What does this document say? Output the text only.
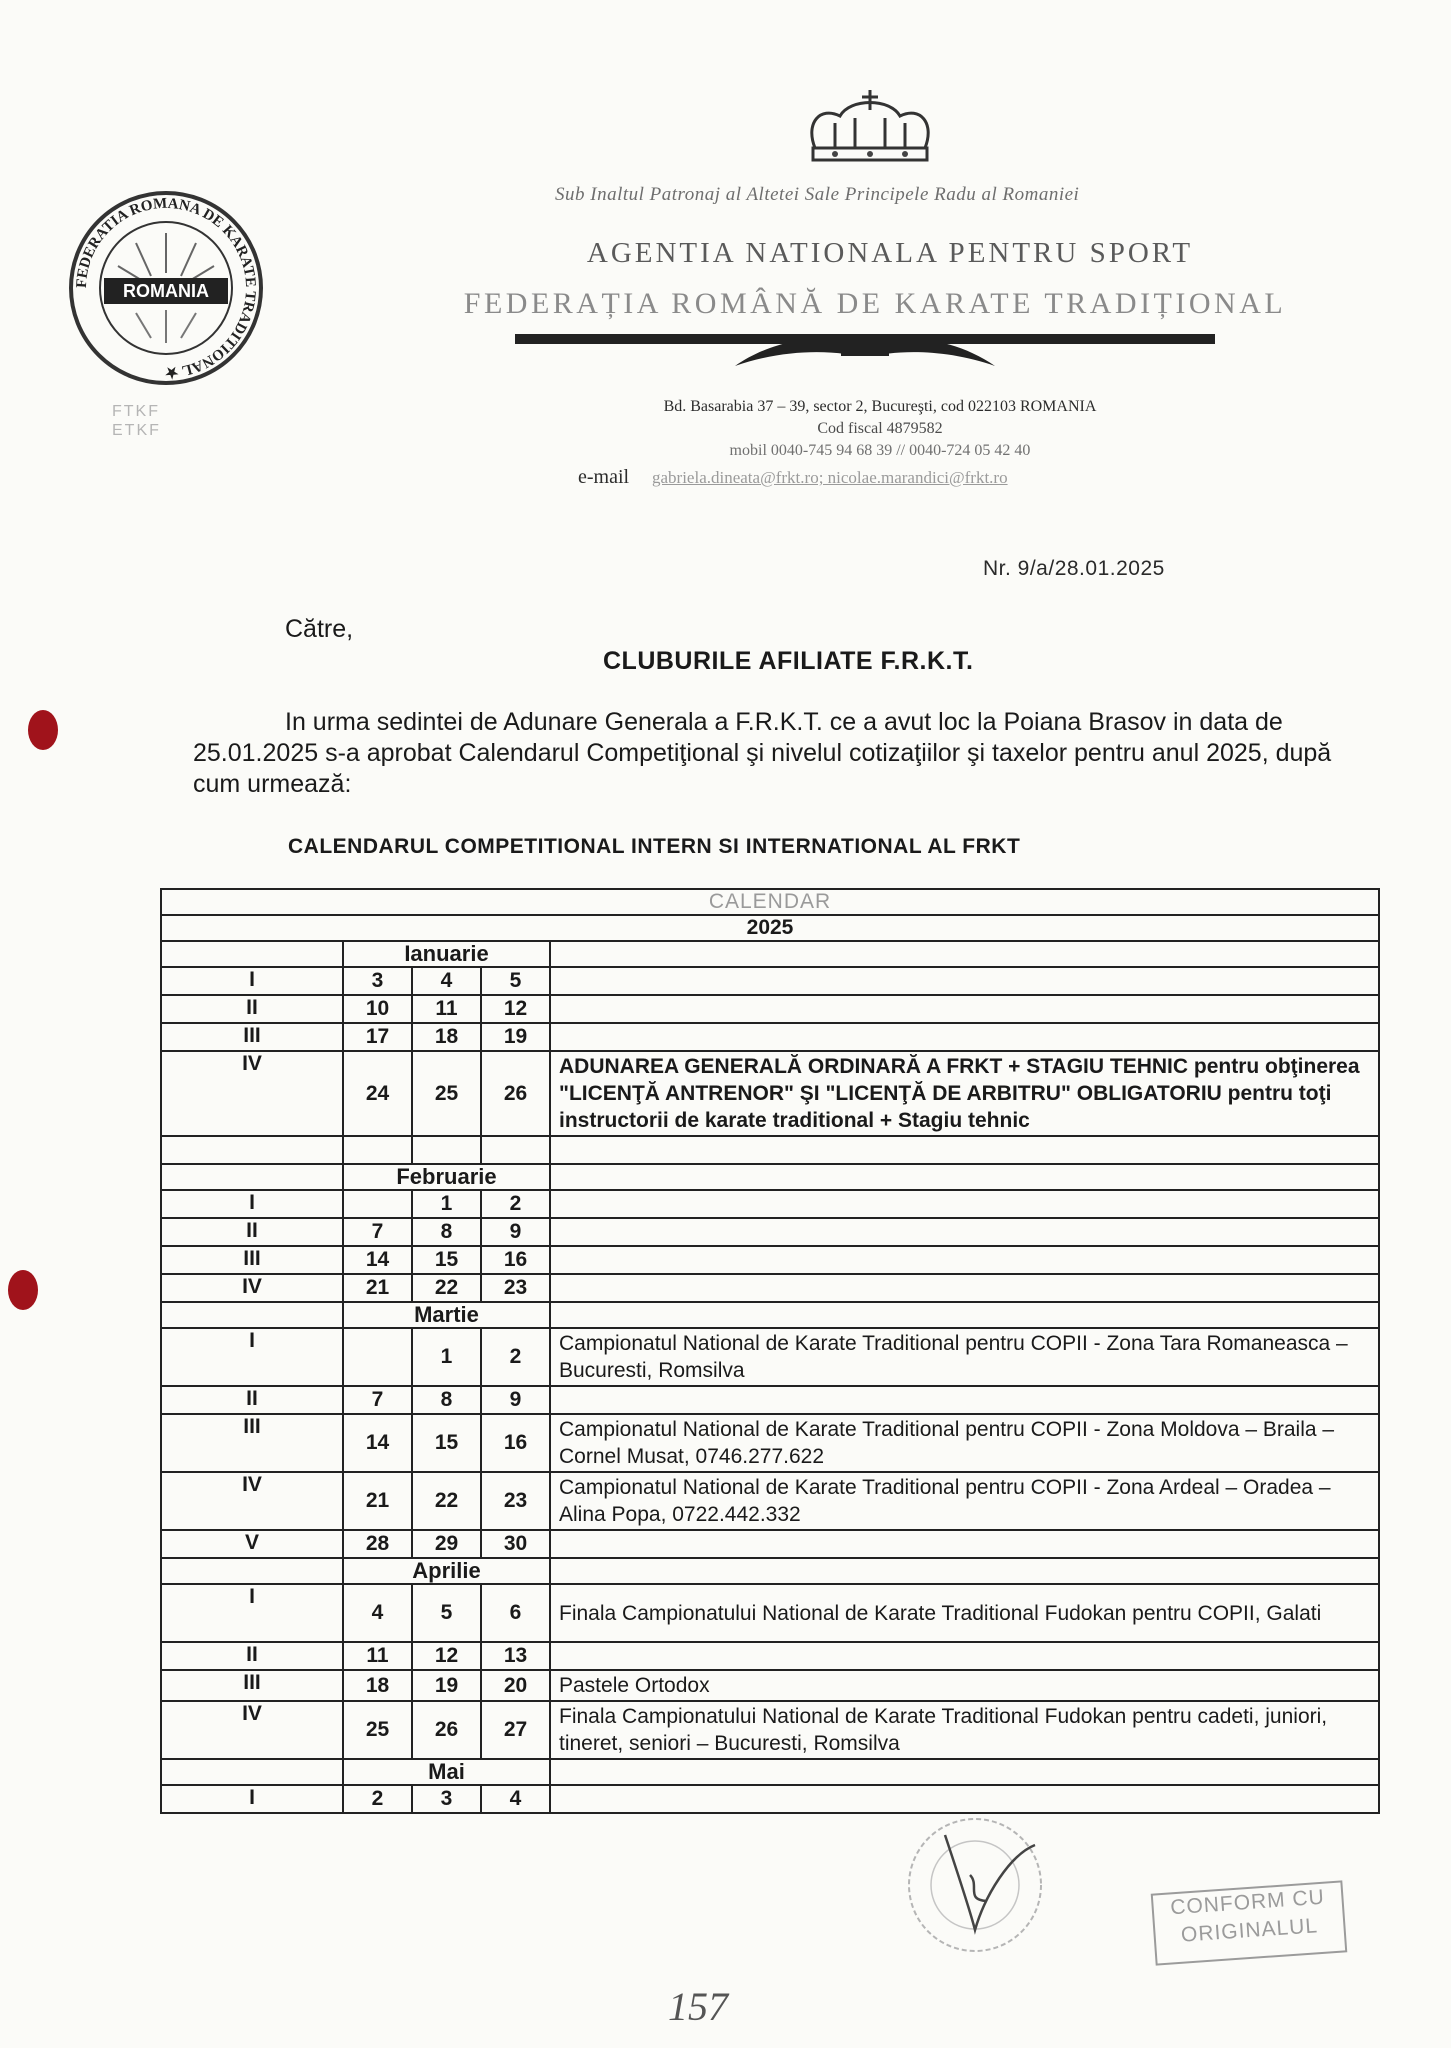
FEDERATIA ROMANA DE KARATE TRADITIONAL ★
ROMANIA
Sub Inaltul Patronaj al Altetei Sale Principele Radu al Romaniei
AGENTIA NATIONALA PENTRU SPORT
FEDERAȚIA ROMÂNĂ DE KARATE TRADIȚIONAL
FTKF
ETKF
Bd. Basarabia 37 – 39, sector 2, Bucureşti, cod 022103 ROMANIA
Cod fiscal 4879582
mobil 0040-745 94 68 39 // 0040-724 05 42 40
e-mail gabriela.dineata@frkt.ro; nicolae.marandici@frkt.ro
Nr. 9/a/28.01.2025
Către,
CLUBURILE AFILIATE F.R.K.T.
In urma sedintei de Adunare Generala a F.R.K.T. ce a avut loc la Poiana Brasov in data de 25.01.2025 s-a aprobat Calendarul Competiţional şi nivelul cotizaţiilor şi taxelor pentru anul 2025, după cum urmează:
CALENDARUL COMPETITIONAL INTERN SI INTERNATIONAL AL FRKT
CALENDAR				
2025				
	Ianuarie			
I	3	4	5	
II	10	11	12	
III	17	18	19	
IV	24	25	26	ADUNAREA GENERALĂ ORDINARĂ A FRKT + STAGIU TEHNIC pentru obţinerea "LICENŢĂ ANTRENOR" ŞI "LICENŢĂ DE ARBITRU" OBLIGATORIU pentru toţi instructorii de karate traditional + Stagiu tehnic

	Februarie			
I		1	2	
II	7	8	9	
III	14	15	16	
IV	21	22	23	
	Martie			
I		1	2	Campionatul National de Karate Traditional pentru COPII - Zona Tara Romaneasca – Bucuresti, Romsilva
II	7	8	9	
III	14	15	16	Campionatul National de Karate Traditional pentru COPII - Zona Moldova – Braila – Cornel Musat, 0746.277.622
IV	21	22	23	Campionatul National de Karate Traditional pentru COPII - Zona Ardeal – Oradea – Alina Popa, 0722.442.332
V	28	29	30	
	Aprilie			
I	4	5	6	Finala Campionatului National de Karate Traditional Fudokan pentru COPII, Galati
II	11	12	13	
III	18	19	20	Pastele Ortodox
IV	25	26	27	Finala Campionatului National de Karate Traditional Fudokan pentru cadeti, juniori, tineret, seniori – Bucuresti, Romsilva
	Mai			
I	2	3	4	
CONFORM CU
ORIGINALUL
157
